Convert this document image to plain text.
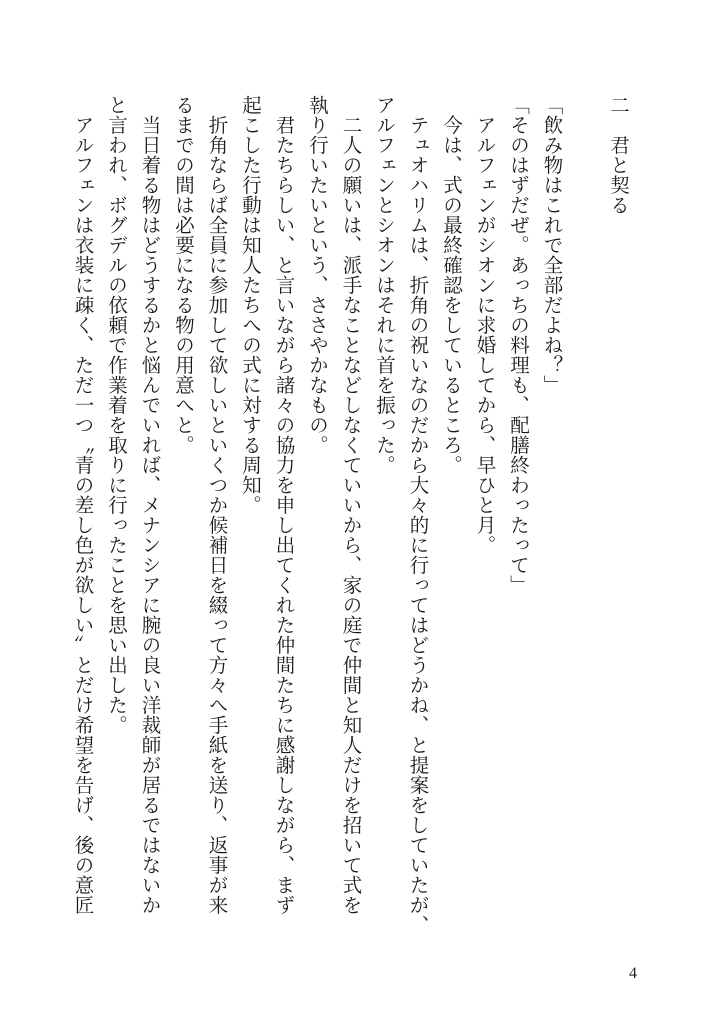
二　君と契る
「飲み物はこれで全部だよね？」
「そのはずだぜ。あっちの料理も、配膳終わったって」
　アルフェンがシオンに求婚してから、早ひと月。
　今は、式の最終確認をしているところ。
　テュオハリムは、折角の祝いなのだから大々的に行ってはどうかね、と提案をしていたが、
アルフェンとシオンはそれに首を振った。
　二人の願いは、派手なことなどしなくていいから、家の庭で仲間と知人だけを招いて式を
執り行いたいという、ささやかなもの。
　君たちらしい、と言いながら諸々の協力を申し出てくれた仲間たちに感謝しながら、まず
起こした行動は知人たちへの式に対する周知。
　折角ならば全員に参加して欲しいといくつか候補日を綴って方々へ手紙を送り、返事が来
るまでの間は必要になる物の用意へと。
　当日着る物はどうするかと悩んでいれば、メナンシアに腕の良い洋裁師が居るではないか
と言われ、ボグデルの依頼で作業着を取りに行ったことを思い出した。
　アルフェンは衣装に疎く、ただ一つ〝青の差し色が欲しい〟とだけ希望を告げ、後の意匠
4
